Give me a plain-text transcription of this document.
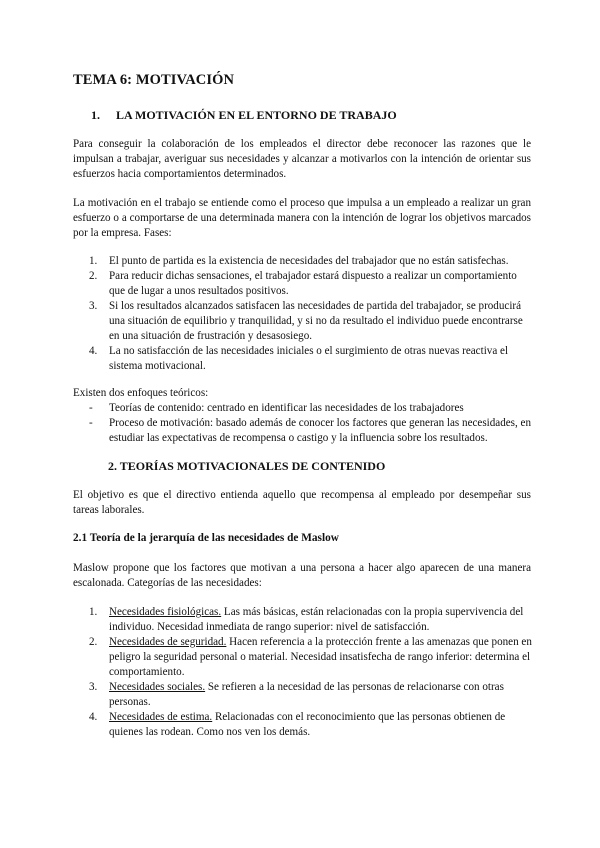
TEMA 6: MOTIVACIÓN
1. LA MOTIVACIÓN EN EL ENTORNO DE TRABAJO

Para conseguir la colaboración de los empleados el director debe reconocer las razones que le impulsan a trabajar, averiguar sus necesidades y alcanzar a motivarlos con la intención de orientar sus esfuerzos hacia comportamientos determinados.

La motivación en el trabajo se entiende como el proceso que impulsa a un empleado a realizar un gran esfuerzo o a comportarse de una determinada manera con la intención de lograr los objetivos marcados por la empresa. Fases:

1. El punto de partida es la existencia de necesidades del trabajador que no están satisfechas.
2. Para reducir dichas sensaciones, el trabajador estará dispuesto a realizar un comportamiento que de lugar a unos resultados positivos.
3. Si los resultados alcanzados satisfacen las necesidades de partida del trabajador, se producirá una situación de equilibrio y tranquilidad, y si no da resultado el individuo puede encontrarse en una situación de frustración y desasosiego.
4. La no satisfacción de las necesidades iniciales o el surgimiento de otras nuevas reactiva el sistema motivacional.

Existen dos enfoques teóricos:

- Teorías de contenido: centrado en identificar las necesidades de los trabajadores
- Proceso de motivación: basado además de conocer los factores que generan las necesidades, en estudiar las expectativas de recompensa o castigo y la influencia sobre los resultados.
2. TEORÍAS MOTIVACIONALES DE CONTENIDO

El objetivo es que el directivo entienda aquello que recompensa al empleado por desempeñar sus tareas laborales.

2.1 Teoría de la jerarquía de las necesidades de Maslow

Maslow propone que los factores que motivan a una persona a hacer algo aparecen de una manera escalonada. Categorías de las necesidades:

1. Necesidades fisiológicas. Las más básicas, están relacionadas con la propia supervivencia del individuo. Necesidad inmediata de rango superior: nivel de satisfacción.
2. Necesidades de seguridad. Hacen referencia a la protección frente a las amenazas que ponen en peligro la seguridad personal o material. Necesidad insatisfecha de rango inferior: determina el comportamiento.
3. Necesidades sociales. Se refieren a la necesidad de las personas de relacionarse con otras personas.
4. Necesidades de estima. Relacionadas con el reconocimiento que las personas obtienen de quienes las rodean. Como nos ven los demás.
